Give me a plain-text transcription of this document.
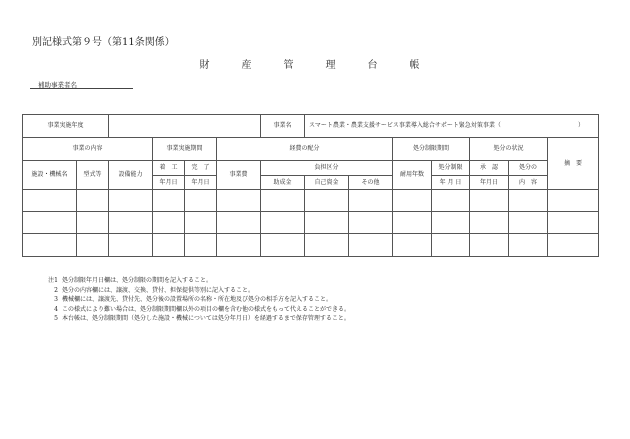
別記様式第９号（第11条関係）
財　産　管　理　台　帳
補助事業者名
事業実施年度						事業名	スマート農業・農業支援サービス事業導入総合サポート緊急対策事業（ ）						

事業の内容			事業実施期間		経費の配分				処分制限期間		処分の状況		摘　要
施設・機械名	型式等	設備能力	着　工	完　了	事業費	負担区分			耐用年数	処分制限	承　認	処分の	
			年月日	年月日		助成金	自己資金	その他		年 月 日	年月日	内　容	

注1 処分制限年月日欄は、処分制限の期間を記入すること。
2 処分の内容欄には、譲渡、交換、貸付、担保提供等別に記入すること。
3 機械欄には、譲渡先、貸付先、処分後の設置場所の名称・所在地及び処分の相手方を記入すること。
4 この様式により難い場合は、処分制限期間欄以外の項目の欄を含む他の様式をもって代えることができる。
5 本台帳は、処分制限期間（処分した施設・機械については処分年月日）を経過するまで保存管理すること。
